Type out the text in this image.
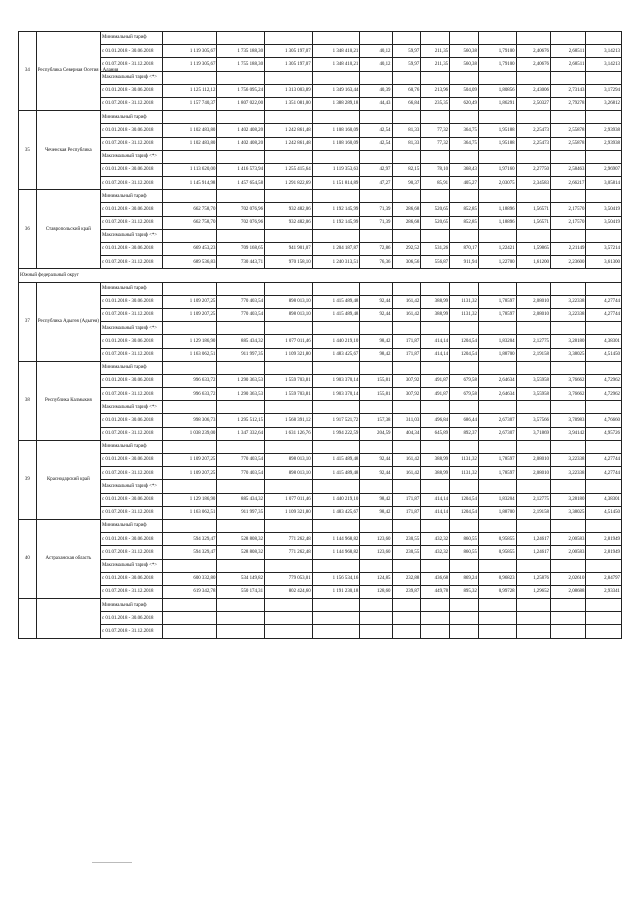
34	Республика Северная Осетия - Алания	Минимальный тариф												
		с 01.01.2018 - 30.06.2018	1 119 305,67	1 735 188,30	1 305 197,07	1 348 410,21	40,12	59,97	211,35	560,38	1,79100	2,40676	2,68511	3,14213
		с 01.07.2018 - 31.12.2018	1 119 305,67	1 755 188,30	1 305 197,07	1 348 410,21	40,12	59,97	211,35	560,38	1,79100	2,40676	2,68511	3,14213
		Максимальный тариф <*>												
		с 01.01.2018 - 30.06.2018	1 125 112,12	1 756 095,24	1 313 003,89	1 349 163,44	40,39	60,76	213,96	504,09	1,80856	2,43006	2,73143	3,17294
		с 01.07.2018 - 31.12.2018	1 157 740,37	1 807 022,00	1 351 081,00	1 388 289,18	44,43	66,84	235,35	620,49	1,86291	2,50327	2,79278	3,26812
35	Чеченская Республика	Минимальный тариф												
		с 01.01.2018 - 30.06.2018	1 102 483,80	1 402 408,20	1 242 861,48	1 108 160,09	42,54	81,33	77,32	364,75	1,95188	2,25473	2,55878	2,93938
		с 01.07.2018 - 31.12.2018	1 102 483,80	1 402 408,20	1 242 861,48	1 108 160,09	42,54	81,33	77,32	364,75	1,95188	2,25473	2,55878	2,93938
		Максимальный тариф <*>												
		с 01.01.2018 - 30.06.2018	1 113 620,00	1 416 573,94	1 255 415,64	1 119 353,63	42,97	82,15	78,10	368,43	1,97160	2,27750	2,58463	2,96907
		с 01.07.2018 - 31.12.2018	1 145 914,98	1 457 654,58	1 291 822,69	1 151 814,89	47,27	90,37	85,91	405,27	2,03075	2,34583	2,66217	3,05814
36	Ставропольский край	Минимальный тариф												
		с 01.01.2018 - 30.06.2018	662 758,70	702 076,96	932 482,06	1 192 145,99	71,39	286,68	520,65	852,85	1,18896	1,56571	2,17570	3,50419
		с 01.07.2018 - 31.12.2018	662 758,70	702 076,96	932 482,06	1 192 145,99	71,39	286,68	520,65	852,85	1,18896	1,56571	2,17570	3,50419
		Максимальный тариф <*>												
		с 01.01.2018 - 30.06.2018	669 453,23	709 168,65	941 901,07	1 204 187,87	72,86	292,52	531,26	870,17	1,22421	1,59865	2,21149	3,57214
		с 01.07.2018 - 31.12.2018	689 536,83	730 443,71	970 158,10	1 240 313,51	76,36	306,56	556,87	911,94	1,22700	1,61200	2,23600	3,61300
Южный федеральный округ														
37	Республика Адыгея (Адыгея)	Минимальный тариф												
		с 01.01.2018 - 30.06.2018	1 109 207,25	770 403,54	898 013,10	1 415 489,48	92,44	161,42	388,99	1131,32	1,78597	2,08010	3,22338	4,27744
		с 01.07.2018 - 31.12.2018	1 109 207,25	770 403,54	898 013,10	1 415 489,48	92,44	161,42	388,99	1131,32	1,78597	2,08010	3,22338	4,27744
		Максимальный тариф <*>												
		с 01.01.2018 - 30.06.2018	1 129 186,90	885 434,32	1 077 011,46	1 440 219,10	98,42	171,87	414,14	1204,54	1,83204	2,12775	3,28180	4,38301
		с 01.07.2018 - 31.12.2018	1 163 062,51	911 997,35	1 109 321,80	1 483 425,67	98,42	171,87	414,14	1204,54	1,88700	2,19158	3,38025	4,51450
38	Республика Калмыкия	Минимальный тариф												
		с 01.01.2018 - 30.06.2018	996 633,72	1 290 363,53	1 559 703,81	1 903 370,14	155,81	307,92	491,87	679,58	2,64634	3,55958	3,76662	4,72962
		с 01.07.2018 - 31.12.2018	996 633,72	1 290 363,53	1 559 703,81	1 903 370,14	155,81	307,92	491,87	679,58	2,64634	3,55958	3,76662	4,72962
		Максимальный тариф <*>												
		с 01.01.2018 - 30.06.2018	998 306,73	1 295 512,15	1 568 391,12	1 917 521,72	157,38	311,03	496,84	686,44	2,67307	3,57566	3,78983	4,76660
		с 01.07.2018 - 31.12.2018	1 038 239,00	1 347 332,64	1 631 126,76	1 994 222,59	204,59	404,34	645,89	892,37	2,67307	3,71869	3,94142	4,95726
39	Краснодарский край	Минимальный тариф												
		с 01.01.2018 - 30.06.2018	1 109 207,25	770 403,54	898 013,10	1 415 489,48	92,44	161,42	388,99	1131,32	1,78597	2,08010	3,22338	4,27744
		с 01.07.2018 - 31.12.2018	1 109 207,25	770 403,54	898 013,10	1 415 489,48	92,44	161,42	388,99	1131,32	1,78597	2,08010	3,22338	4,27744
		Максимальный тариф <*>												
		с 01.01.2018 - 30.06.2018	1 129 186,90	885 434,32	1 077 011,46	1 440 219,10	98,42	171,87	414,14	1204,54	1,83204	2,12775	3,28180	4,38301
		с 01.07.2018 - 31.12.2018	1 163 062,51	911 997,35	1 109 321,80	1 483 425,67	98,42	171,87	414,14	1204,54	1,88700	2,19158	3,38025	4,51450
40	Астраханская область	Минимальный тариф												
		с 01.01.2018 - 30.06.2018	594 329,47	528 808,32	771 262,48	1 144 968,82	123,60	230,55	432,32	860,55	0,95855	1,24617	2,00583	2,81949
		с 01.07.2018 - 31.12.2018	594 329,47	528 808,32	771 262,48	1 144 968,82	123,60	230,55	432,32	860,55	0,95855	1,24617	2,00583	2,81949
		Максимальный тариф <*>												
		с 01.01.2018 - 30.06.2018	600 332,80	534 149,82	779 053,01	1 156 534,16	124,85	232,88	436,68	869,24	0,96823	1,25876	2,02610	2,84797
		с 01.07.2018 - 31.12.2018	619 342,78	550 174,31	802 424,60	1 191 230,18	128,60	239,87	449,78	895,32	0,99728	1,29652	2,08688	2,93341
		Минимальный тариф												
		с 01.01.2018 - 30.06.2018												
		с 01.07.2018 - 31.12.2018												
